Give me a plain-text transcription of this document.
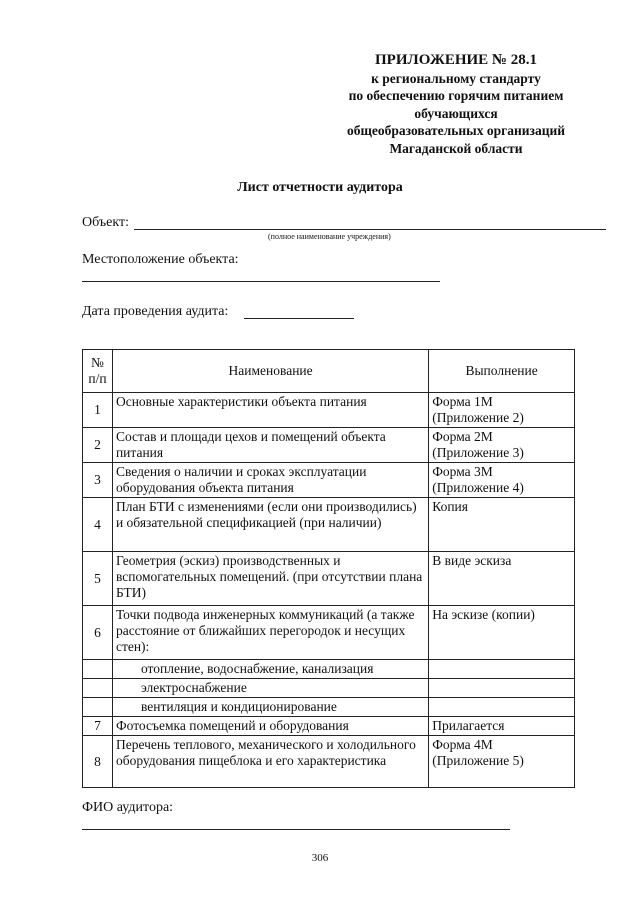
ПРИЛОЖЕНИЕ № 28.1
к региональному стандарту
по обеспечению горячим питанием
обучающихся
общеобразовательных организаций
Магаданской области
Лист отчетности аудитора
Объект:
(полное наименование учреждения)
Местоположение объекта:
Дата проведения аудита:
№
п/п	Наименование	Выполнение
1	Основные характеристики объекта питания	Форма 1М (Приложение 2)
2	Состав и площади цехов и помещений объекта питания	Форма 2М (Приложение 3)
3	Сведения о наличии и сроках эксплуатации оборудования объекта питания	Форма 3М (Приложение 4)
4	План БТИ с изменениями (если они производились) и обязательной спецификацией (при наличии)	Копия
5	Геометрия (эскиз) производственных и вспомогательных помещений. (при отсутствии плана БТИ)	В виде эскиза
6	Точки подвода инженерных коммуникаций (а также расстояние от ближайших перегородок и несущих стен):	На эскизе (копии)
	отопление, водоснабжение, канализация	
	электроснабжение	
	вентиляция и кондиционирование	
7	Фотосъемка помещений и оборудования	Прилагается
8	Перечень теплового, механического и холодильного оборудования пищеблока и его характеристика	Форма 4М (Приложение 5)
ФИО аудитора:
306
